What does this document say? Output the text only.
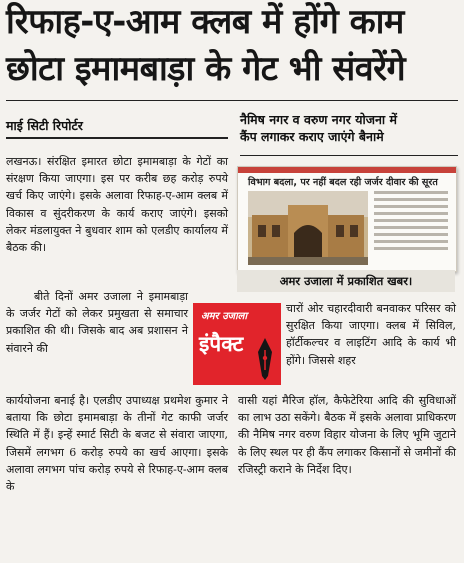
रिफाह-ए-आम क्लब में होंगे काम
छोटा इमामबाड़ा के गेट भी संवरेंगे
माई सिटी रिपोर्टर	नैमिष नगर व वरुण नगर योजना में
कैंप लगाकर कराए जाएंगे बैनामे
विभाग बदला, पर नहीं बदल रही जर्जर दीवार की सूरत
अमर उजाला में प्रकाशित खबर।
अमर उजाला
इंपैक्ट

लखनऊ। संरक्षित इमारत छोटा इमामबाड़ा के गेटों का संरक्षण किया जाएगा। इस पर करीब छह करोड़ रुपये खर्च किए जाएंगे। इसके अलावा रिफाह-ए-आम क्लब में विकास व सुंदरीकरण के कार्य कराए जाएंगे। इसको लेकर मंडलायुक्त ने बुधवार शाम को एलडीए कार्यालय में बैठक की।

बीते दिनों अमर उजाला ने इमामबाड़ा के जर्जर गेटों को लेकर प्रमुखता से समाचार प्रकाशित की थी। जिसके बाद अब प्रशासन ने संवारने की

कार्ययोजना बनाई है। एलडीए उपाध्यक्ष प्रथमेश कुमार ने बताया कि छोटा इमामबाड़ा के तीनों गेट काफी जर्जर स्थिति में हैं। इन्हें स्मार्ट सिटी के बजट से संवारा जाएगा, जिसमें लगभग 6 करोड़ रुपये का खर्च आएगा। इसके अलावा लगभग पांच करोड़ रुपये से रिफाह-ए-आम क्लब के

चारों ओर चहारदीवारी बनवाकर परिसर को सुरक्षित किया जाएगा। क्लब में सिविल, हॉर्टीकल्चर व लाइटिंग आदि के कार्य भी होंगे। जिससे शहर

वासी यहां मैरिज हॉल, कैफेटेरिया आदि की सुविधाओं का लाभ उठा सकेंगे। बैठक में इसके अलावा प्राधिकरण की नैमिष नगर वरुण विहार योजना के लिए भूमि जुटाने के लिए स्थल पर ही कैंप लगाकर किसानों से जमीनों की रजिस्ट्री कराने के निर्देश दिए।
